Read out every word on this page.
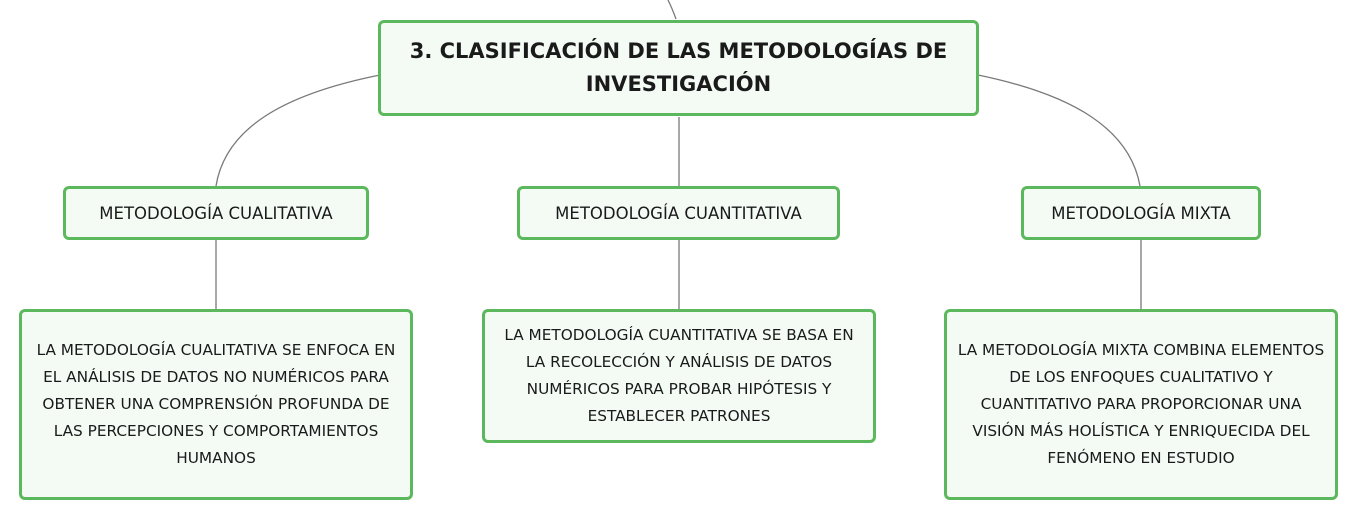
3. CLASIFICACIÓN DE LAS METODOLOGÍAS DE INVESTIGACIÓN
METODOLOGÍA CUALITATIVA	METODOLOGÍA CUANTITATIVA	METODOLOGÍA MIXTA
LA METODOLOGÍA CUALITATIVA SE ENFOCA EN EL ANÁLISIS DE DATOS NO NUMÉRICOS PARA OBTENER UNA COMPRENSIÓN PROFUNDA DE LAS PERCEPCIONES Y COMPORTAMIENTOS HUMANOS
LA METODOLOGÍA CUANTITATIVA SE BASA EN LA RECOLECCIÓN Y ANÁLISIS DE DATOS NUMÉRICOS PARA PROBAR HIPÓTESIS Y ESTABLECER PATRONES
LA METODOLOGÍA MIXTA COMBINA ELEMENTOS DE LOS ENFOQUES CUALITATIVO Y CUANTITATIVO PARA PROPORCIONAR UNA VISIÓN MÁS HOLÍSTICA Y ENRIQUECIDA DEL FENÓMENO EN ESTUDIO
